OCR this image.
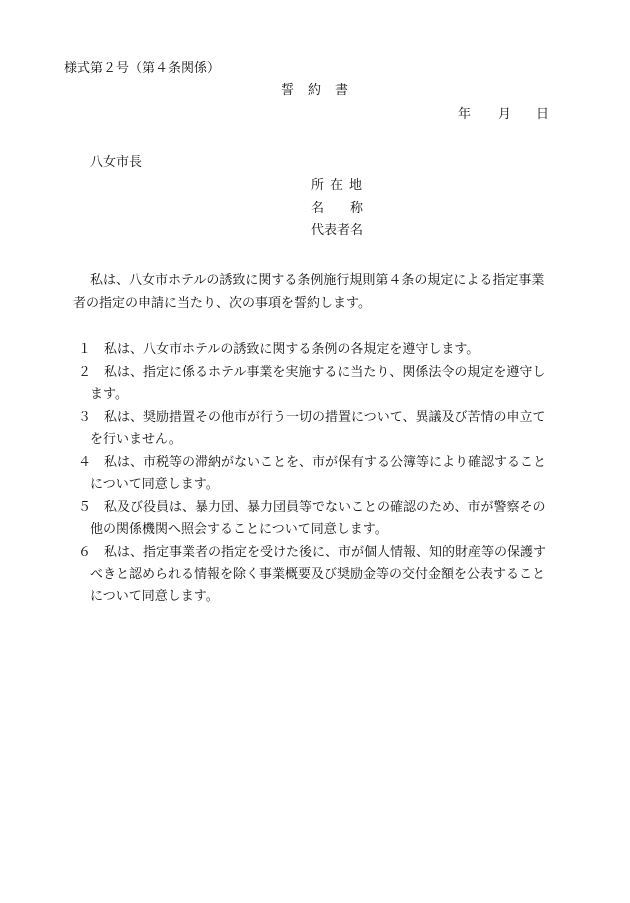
様式第２号（第４条関係）
誓 約 書
年 月 日
八女市長
所 在 地
名 称
代表者名
私は、八女市ホテルの誘致に関する条例施行規則第４条の規定による指定事業
者の指定の申請に当たり、次の事項を誓約します。
１ 私は、八女市ホテルの誘致に関する条例の各規定を遵守します。
２ 私は、指定に係るホテル事業を実施するに当たり、関係法令の規定を遵守し
ます。
３ 私は、奨励措置その他市が行う一切の措置について、異議及び苦情の申立て
を行いません。
４ 私は、市税等の滞納がないことを、市が保有する公簿等により確認すること
について同意します。
５ 私及び役員は、暴力団、暴力団員等でないことの確認のため、市が警察その
他の関係機関へ照会することについて同意します。
６ 私は、指定事業者の指定を受けた後に、市が個人情報、知的財産等の保護す
べきと認められる情報を除く事業概要及び奨励金等の交付金額を公表すること
について同意します。
